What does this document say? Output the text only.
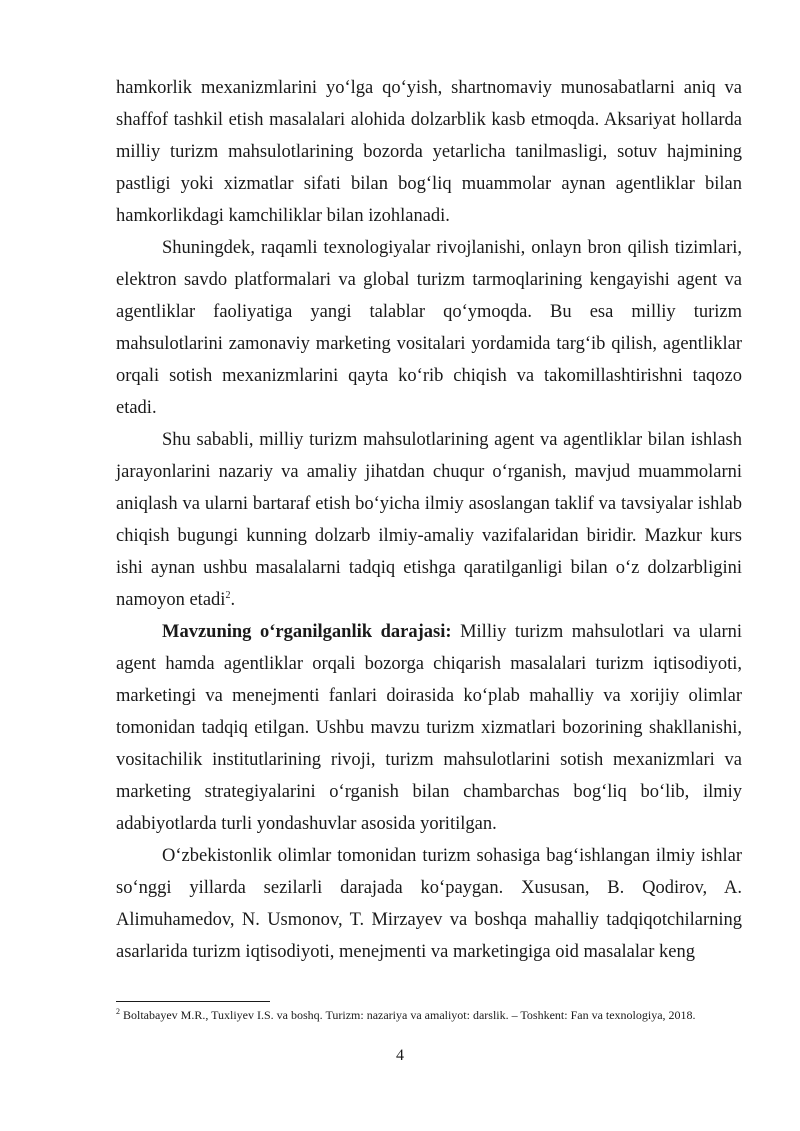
hamkorlik mexanizmlarini yo‘lga qo‘yish, shartnomaviy munosabatlarni aniq va shaffof tashkil etish masalalari alohida dolzarblik kasb etmoqda. Aksariyat hollarda milliy turizm mahsulotlarining bozorda yetarlicha tanilmasligi, sotuv hajmining pastligi yoki xizmatlar sifati bilan bog‘liq muammolar aynan agentliklar bilan hamkorlikdagi kamchiliklar bilan izohlanadi.

Shuningdek, raqamli texnologiyalar rivojlanishi, onlayn bron qilish tizimlari, elektron savdo platformalari va global turizm tarmoqlarining kengayishi agent va agentliklar faoliyatiga yangi talablar qo‘ymoqda. Bu esa milliy turizm mahsulotlarini zamonaviy marketing vositalari yordamida targ‘ib qilish, agentliklar orqali sotish mexanizmlarini qayta ko‘rib chiqish va takomillashtirishni taqozo etadi.

Shu sababli, milliy turizm mahsulotlarining agent va agentliklar bilan ishlash jarayonlarini nazariy va amaliy jihatdan chuqur o‘rganish, mavjud muammolarni aniqlash va ularni bartaraf etish bo‘yicha ilmiy asoslangan taklif va tavsiyalar ishlab chiqish bugungi kunning dolzarb ilmiy-amaliy vazifalaridan biridir. Mazkur kurs ishi aynan ushbu masalalarni tadqiq etishga qaratilganligi bilan o‘z dolzarbligini namoyon etadi$^2$.

Mavzuning o‘rganilganlik darajasi: Milliy turizm mahsulotlari va ularni agent hamda agentliklar orqali bozorga chiqarish masalalari turizm iqtisodiyoti, marketingi va menejmenti fanlari doirasida ko‘plab mahalliy va xorijiy olimlar tomonidan tadqiq etilgan. Ushbu mavzu turizm xizmatlari bozorining shakllanishi, vositachilik institutlarining rivoji, turizm mahsulotlarini sotish mexanizmlari va marketing strategiyalarini o‘rganish bilan chambarchas bog‘liq bo‘lib, ilmiy adabiyotlarda turli yondashuvlar asosida yoritilgan.

O‘zbekistonlik olimlar tomonidan turizm sohasiga bag‘ishlangan ilmiy ishlar so‘nggi yillarda sezilarli darajada ko‘paygan. Xususan, B. Qodirov, A. Alimuhamedov, N. Usmonov, T. Mirzayev va boshqa mahalliy tadqiqotchilarning asarlarida turizm iqtisodiyoti, menejmenti va marketingiga oid masalalar keng

$^2$ Boltabayev M.R., Tuxliyev I.S. va boshq. Turizm: nazariya va amaliyot: darslik. – Toshkent: Fan va texnologiya, 2018.
4
